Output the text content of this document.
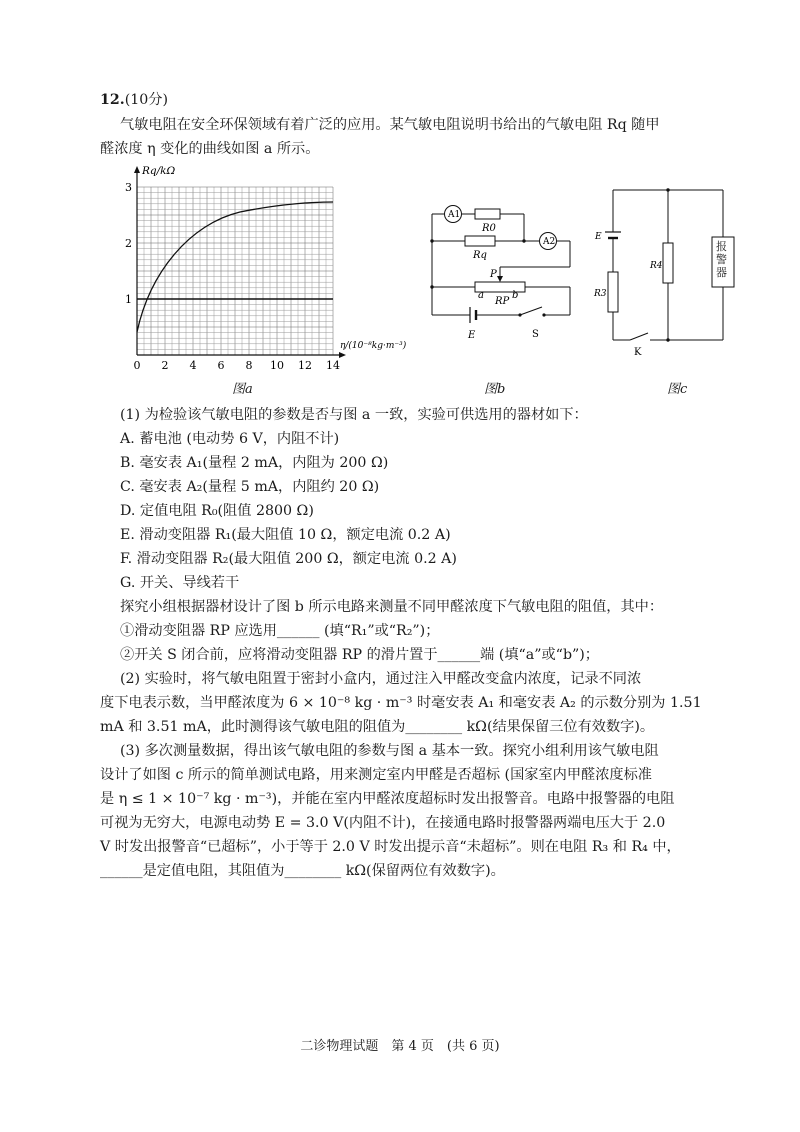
12.(10分)
气敏电阻在安全环保领域有着广泛的应用。某气敏电阻说明书给出的气敏电阻 Rq 随甲
醛浓度 η 变化的曲线如图 a 所示。
Rq/kΩ
η/(10⁻⁸kg·m⁻³)
0 2 4 6 8 10 12 14
1
2
3
图a
A1
A2
R0
Rq
P
a	b
RP
E	S
图b
E
R3
R4
K
报警器
图c
(1) 为检验该气敏电阻的参数是否与图 a 一致，实验可供选用的器材如下：
A. 蓄电池 (电动势 6 V，内阻不计)
B. 毫安表 A₁(量程 2 mA，内阻为 200 Ω)
C. 毫安表 A₂(量程 5 mA，内阻约 20 Ω)
D. 定值电阻 R₀(阻值 2800 Ω)
E. 滑动变阻器 R₁(最大阻值 10 Ω，额定电流 0.2 A)
F. 滑动变阻器 R₂(最大阻值 200 Ω，额定电流 0.2 A)
G. 开关、导线若干
探究小组根据器材设计了图 b 所示电路来测量不同甲醛浓度下气敏电阻的阻值，其中：
①滑动变阻器 RP 应选用______ (填“R₁”或“R₂”)；
②开关 S 闭合前，应将滑动变阻器 RP 的滑片置于______端 (填“a”或“b”)；
(2) 实验时，将气敏电阻置于密封小盒内，通过注入甲醛改变盒内浓度，记录不同浓
度下电表示数，当甲醛浓度为 6 × 10⁻⁸ kg · m⁻³ 时毫安表 A₁ 和毫安表 A₂ 的示数分别为 1.51
mA 和 3.51 mA，此时测得该气敏电阻的阻值为________ kΩ(结果保留三位有效数字)。
(3) 多次测量数据，得出该气敏电阻的参数与图 a 基本一致。探究小组利用该气敏电阻
设计了如图 c 所示的简单测试电路，用来测定室内甲醛是否超标 (国家室内甲醛浓度标准
是 η ≤ 1 × 10⁻⁷ kg · m⁻³)，并能在室内甲醛浓度超标时发出报警音。电路中报警器的电阻
可视为无穷大，电源电动势 E = 3.0 V(内阻不计)，在接通电路时报警器两端电压大于 2.0
V 时发出报警音“已超标”，小于等于 2.0 V 时发出提示音“未超标”。则在电阻 R₃ 和 R₄ 中，
______是定值电阻，其阻值为________ kΩ(保留两位有效数字)。
二诊物理试题　第 4 页　(共 6 页)
